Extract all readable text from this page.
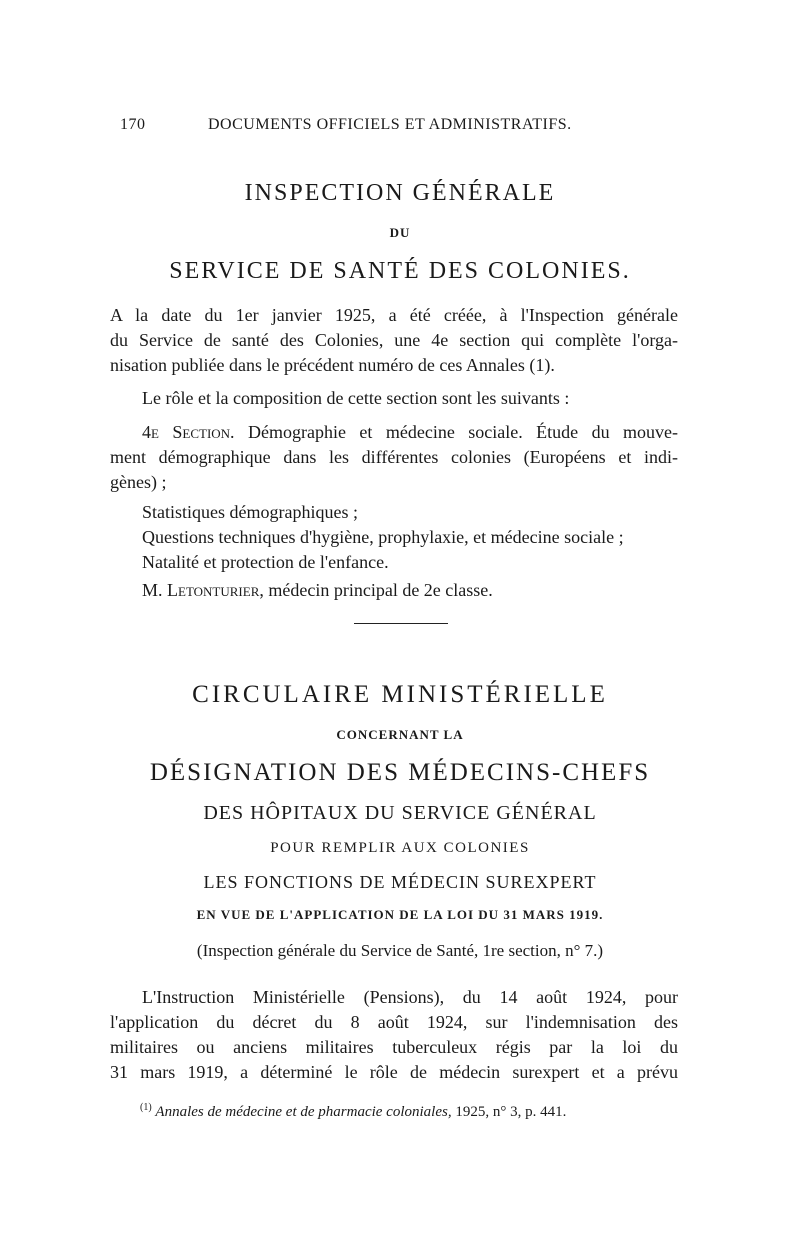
170	DOCUMENTS OFFICIELS ET ADMINISTRATIFS.
INSPECTION GÉNÉRALE
DU
SERVICE DE SANTÉ DES COLONIES.
A la date du 1er janvier 1925, a été créée, à l'Inspection générale
du Service de santé des Colonies, une 4e section qui complète l'orga-
nisation publiée dans le précédent numéro de ces Annales (1).
Le rôle et la composition de cette section sont les suivants :
4e Section. Démographie et médecine sociale. Étude du mouve-
ment démographique dans les différentes colonies (Européens et indi-
gènes) ;
Statistiques démographiques ;
Questions techniques d'hygiène, prophylaxie, et médecine sociale ;
Natalité et protection de l'enfance.
M. Letonturier, médecin principal de 2e classe.
CIRCULAIRE MINISTÉRIELLE
CONCERNANT LA
DÉSIGNATION DES MÉDECINS-CHEFS
DES HÔPITAUX DU SERVICE GÉNÉRAL
POUR REMPLIR AUX COLONIES
LES FONCTIONS DE MÉDECIN SUREXPERT
EN VUE DE L'APPLICATION DE LA LOI DU 31 MARS 1919.
(Inspection générale du Service de Santé, 1re section, n° 7.)
L'Instruction Ministérielle (Pensions), du 14 août 1924, pour
l'application du décret du 8 août 1924, sur l'indemnisation des
militaires ou anciens militaires tuberculeux régis par la loi du
31 mars 1919, a déterminé le rôle de médecin surexpert et a prévu
$^{(1)}$ Annales de médecine et de pharmacie coloniales, 1925, n° 3, p. 441.
